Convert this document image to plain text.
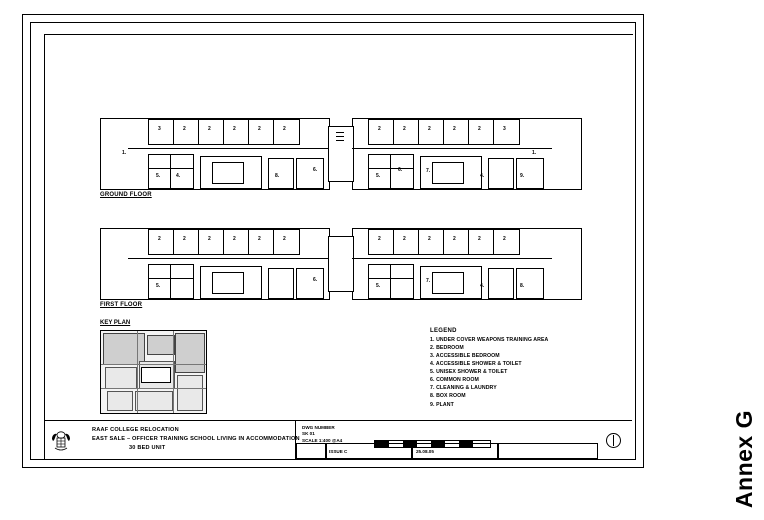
Annex G
3	2	2	2	2	2	2	2	2	2	2	3
1.	1.
6.	6.
5.	5.
4.	4.
7.
8.	9.
GROUND FLOOR
2	2	2	2	2	2	2	2	2	2	2	2
6.
5.	5.	4.
7.
8.
FIRST FLOOR
KEY PLAN
LEGEND
1. UNDER COVER WEAPONS TRAINING AREA
2. BEDROOM
3. ACCESSIBLE BEDROOM
4. ACCESSIBLE SHOWER & TOILET
5. UNISEX SHOWER & TOILET
6. COMMON ROOM
7. CLEANING & LAUNDRY
8. BOX ROOM
9. PLANT
RAAF COLLEGE RELOCATION
EAST SALE – OFFICER TRAINING SCHOOL LIVING IN ACCOMMODATION
30 BED UNIT
DWG NUMBER
SK 01
SCALE 1:400 @A4
ISSUE C	25.08.05
